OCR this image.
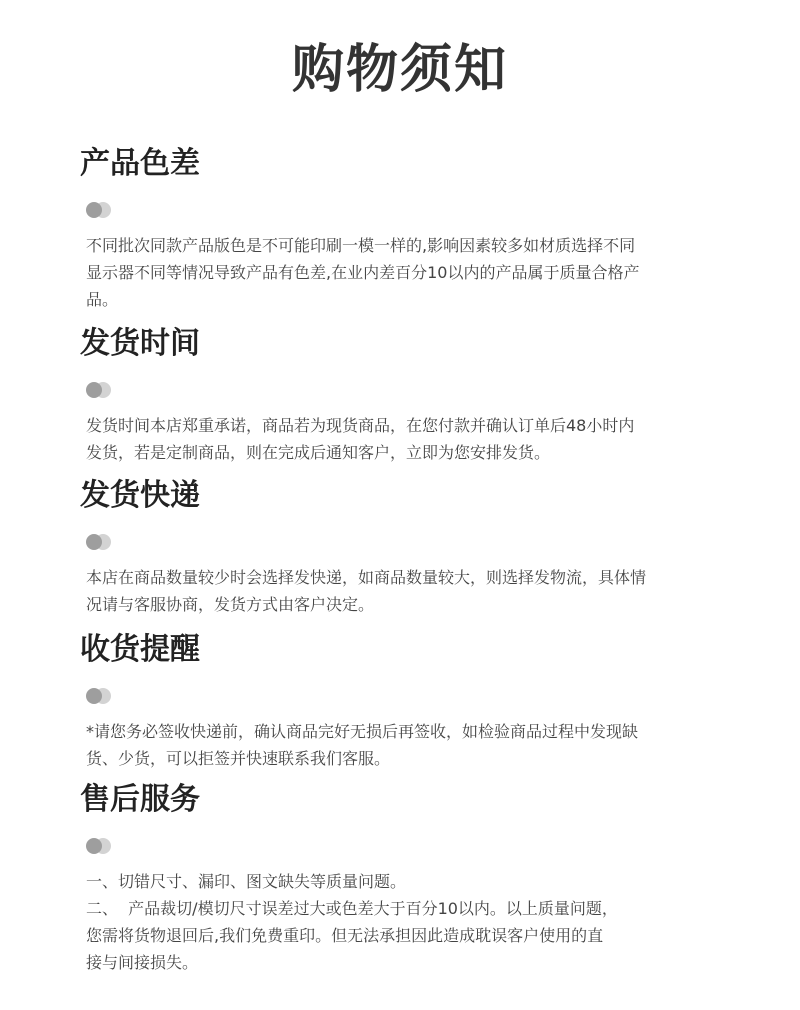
购物须知
产品色差

不同批次同款产品版色是不可能印刷一模一样的,影响因素较多如材质选择不同

显示器不同等情况导致产品有色差,在业内差百分10以内的产品属于质量合格产

品。

发货时间

发货时间本店郑重承诺，商品若为现货商品，在您付款并确认订单后48小时内

发货，若是定制商品，则在完成后通知客户，立即为您安排发货。

发货快递

本店在商品数量较少时会选择发快递，如商品数量较大，则选择发物流，具体情

况请与客服协商，发货方式由客户决定。

收货提醒

*请您务必签收快递前，确认商品完好无损后再签收，如检验商品过程中发现缺

货、少货，可以拒签并快速联系我们客服。

售后服务

一、切错尺寸、漏印、图文缺失等质量问题。

二、  产品裁切/模切尺寸误差过大或色差大于百分10以内。以上质量问题，

您需将货物退回后,我们免费重印。但无法承担因此造成耽误客户使用的直

接与间接损失。
